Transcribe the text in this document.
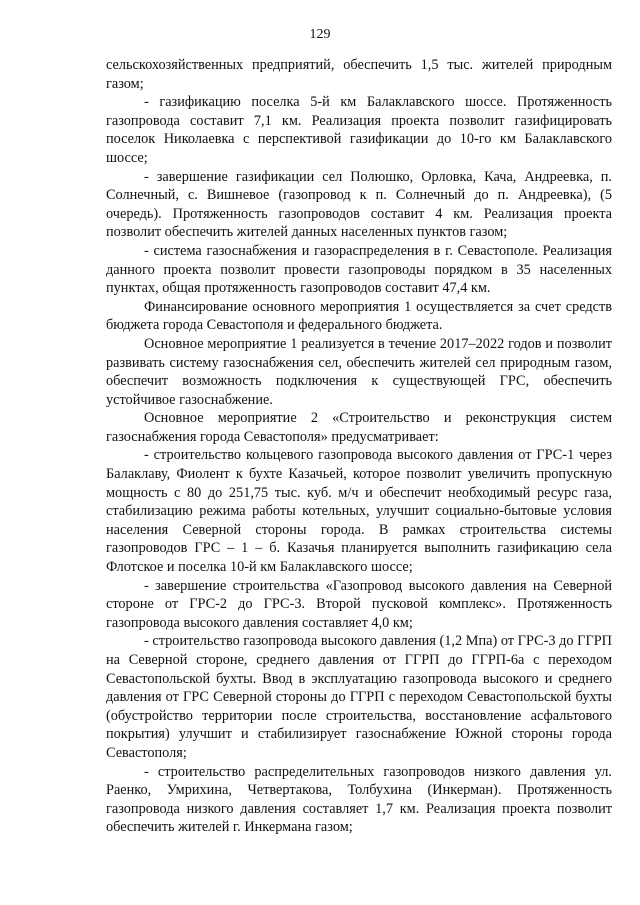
129

сельскохозяйственных предприятий, обеспечить 1,5 тыс. жителей природным газом;

- газификацию поселка 5-й км Балаклавского шоссе. Протяженность газопровода составит 7,1 км. Реализация проекта позволит газифицировать поселок Николаевка с перспективой газификации до 10-го км Балаклавского шоссе;

- завершение газификации сел Полюшко, Орловка, Кача, Андреевка, п. Солнечный, с. Вишневое (газопровод к п. Солнечный до п. Андреевка), (5 очередь). Протяженность газопроводов составит 4 км. Реализация проекта позволит обеспечить жителей данных населенных пунктов газом;

- система газоснабжения и газораспределения в г. Севастополе. Реализация данного проекта позволит провести газопроводы порядком в 35 населенных пунктах, общая протяженность газопроводов составит 47,4 км.

Финансирование основного мероприятия 1 осуществляется за счет средств бюджета города Севастополя и федерального бюджета.

Основное мероприятие 1 реализуется в течение 2017–2022 годов и позволит развивать систему газоснабжения сел, обеспечить жителей сел природным газом, обеспечит возможность подключения к существующей ГРС, обеспечить устойчивое газоснабжение.

Основное мероприятие 2 «Строительство и реконструкция систем газоснабжения города Севастополя» предусматривает:

- строительство кольцевого газопровода высокого давления от ГРС-1 через Балаклаву, Фиолент к бухте Казачьей, которое позволит увеличить пропускную мощность с 80 до 251,75 тыс. куб. м/ч и обеспечит необходимый ресурс газа, стабилизацию режима работы котельных, улучшит социально-бытовые условия населения Северной стороны города. В рамках строительства системы газопроводов ГРС – 1 – б. Казачья планируется выполнить газификацию села Флотское и поселка 10-й км Балаклавского шоссе;

- завершение строительства «Газопровод высокого давления на Северной стороне от ГРС-2 до ГРС-3. Второй пусковой комплекс». Протяженность газопровода высокого давления составляет 4,0 км;

- строительство газопровода высокого давления (1,2 Мпа) от ГРС-3 до ГГРП на Северной стороне, среднего давления от ГГРП до ГГРП-6а с переходом Севастопольской бухты. Ввод в эксплуатацию газопровода высокого и среднего давления от ГРС Северной стороны до ГГРП с переходом Севастопольской бухты (обустройство территории после строительства, восстановление асфальтового покрытия) улучшит и стабилизирует газоснабжение Южной стороны города Севастополя;

- строительство распределительных газопроводов низкого давления ул. Раенко, Умрихина, Четвертакова, Толбухина (Инкерман). Протяженность газопровода низкого давления составляет 1,7 км. Реализация проекта позволит обеспечить жителей г. Инкермана газом;
